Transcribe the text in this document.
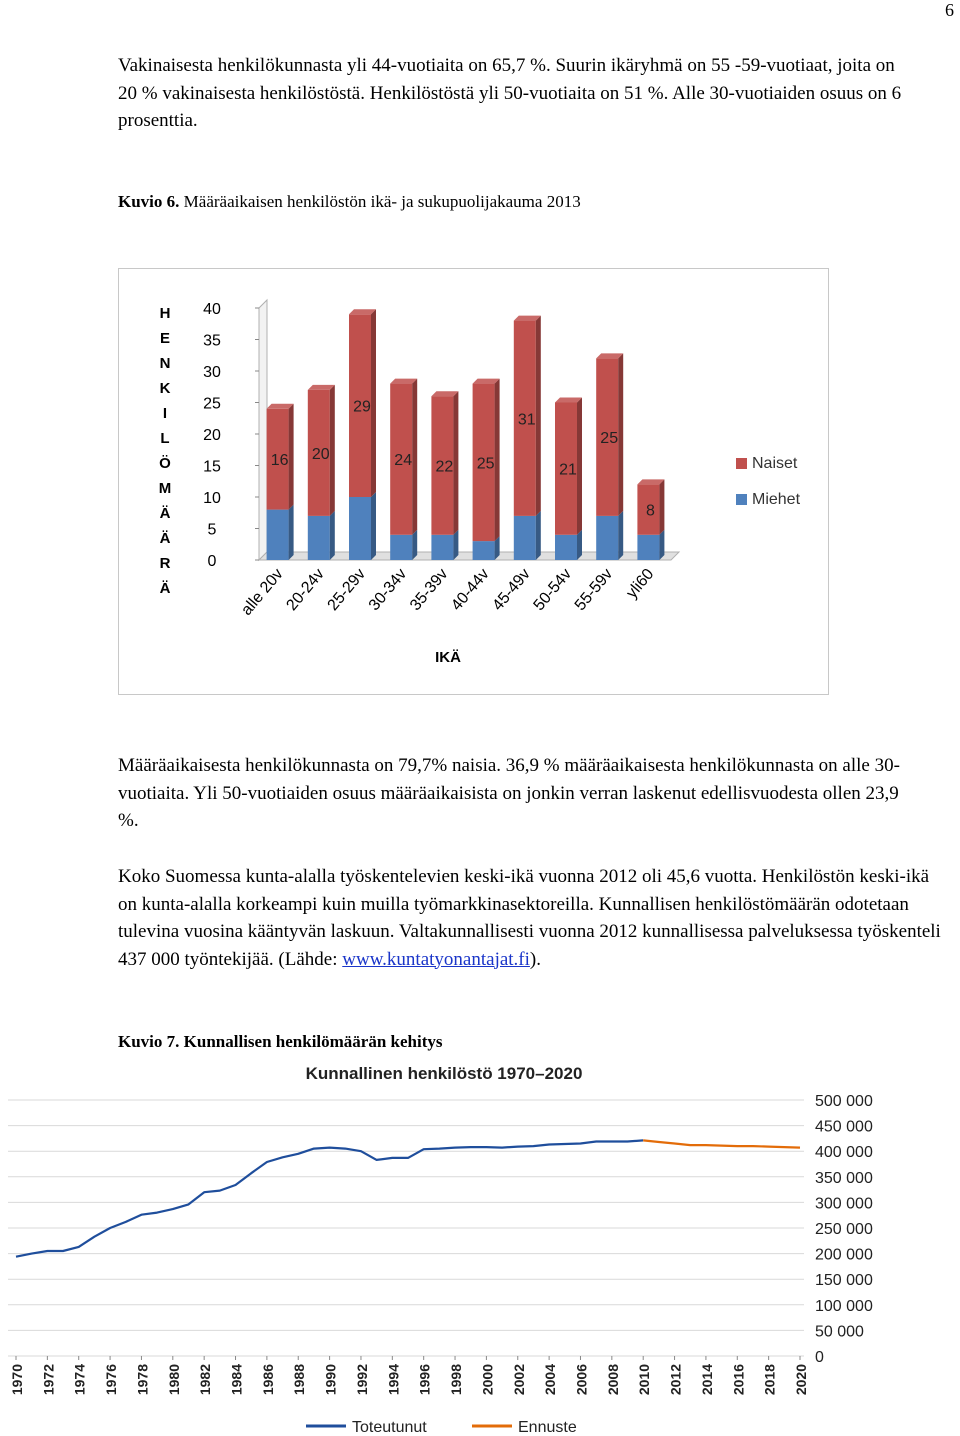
6

Vakinaisesta henkilökunnasta yli 44-vuotiaita on 65,7 %. Suurin ikäryhmä on 55 -59-vuotiaat, joita on 20 % vakinaisesta henkilöstöstä. Henkilöstöstä yli 50-vuotiaita on 51 %. Alle 30-vuotiaiden osuus on 6 prosenttia.

Kuvio 6. Määräaikaisen henkilöstön ikä- ja sukupuolijakauma 2013

H
E
N
K
I
L
Ö
M
Ä
Ä
R
Ä
0
5
10
15
20
25
30
35
40
16 20
29
24 22 25
31
21
25
8
alle 20v
20-24v
25-29v
30-34v
35-39v
40-44v
45-49v
50-54v
55-59v yli60
IKÄ
Naiset
Miehet

Määräaikaisesta henkilökunnasta on 79,7% naisia. 36,9 % määräaikaisesta henkilökunnasta on alle 30-vuotiaita. Yli 50-vuotiaiden osuus määräaikaisista on jonkin verran laskenut edellisvuodesta ollen 23,9 %.

Koko Suomessa kunta-alalla työskentelevien keski-ikä vuonna 2012 oli 45,6 vuotta. Henkilöstön keski-ikä on kunta-alalla korkeampi kuin muilla työmarkkinasektoreilla. Kunnallisen henkilöstömäärän odotetaan tulevina vuosina kääntyvän laskuun. Valtakunnallisesti vuonna 2012 kunnallisessa palveluksessa työskenteli 437 000 työntekijää. (Lähde: www.kuntatyonantajat.fi).

Kuvio 7. Kunnallisen henkilömäärän kehitys

Kunnallinen henkilöstö 1970–2020
0
50 000
100 000
150 000
200 000
250 000
300 000
350 000
400 000
450 000
500 000
1970 1972 1974 1976 1978 1980 1982 1984 1986 1988 1990 1992 1994 1996 1998 2000 2002 2004 2006 2008 2010 2012 2014 2016 2018 2020
Toteutunut	Ennuste
